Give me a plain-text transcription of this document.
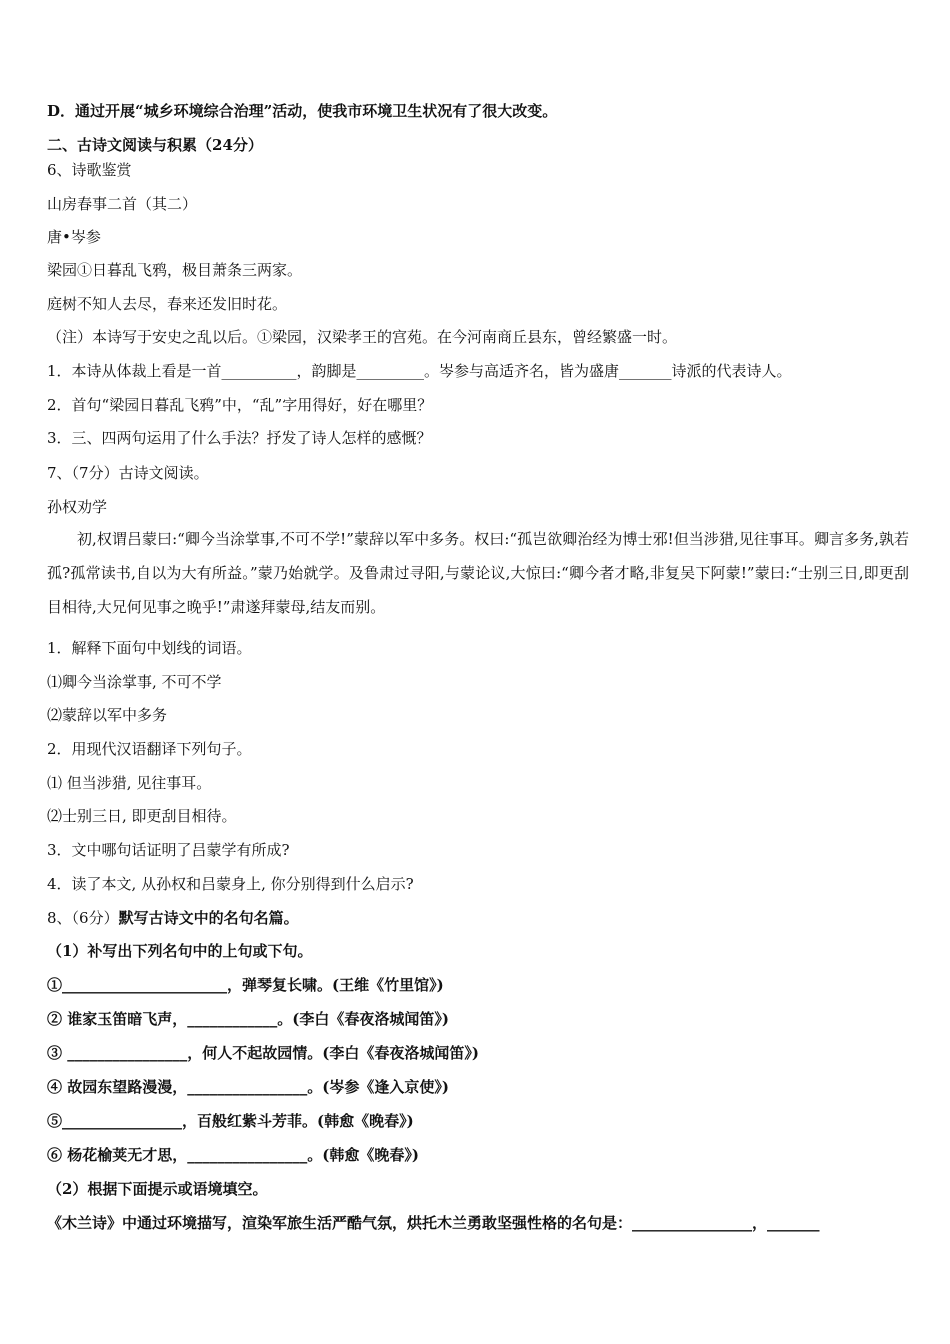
D．通过开展“城乡环境综合治理”活动，使我市环境卫生状况有了很大改变。
二、古诗文阅读与积累（24分）
6、诗歌鉴赏
山房春事二首（其二）
唐•岑参
梁园①日暮乱飞鸦，极目萧条三两家。
庭树不知人去尽，春来还发旧时花。
（注）本诗写于安史之乱以后。①梁园，汉梁孝王的宫苑。在今河南商丘县东，曾经繁盛一时。
1．本诗从体裁上看是一首__________，韵脚是_________。岑参与高适齐名，皆为盛唐_______诗派的代表诗人。
2．首句“梁园日暮乱飞鸦”中，“乱”字用得好，好在哪里？
3．三、四两句运用了什么手法？抒发了诗人怎样的感慨？
7、（7分）古诗文阅读。
孙权劝学
初,权谓吕蒙曰:“卿今当涂掌事,不可不学!”蒙辞以军中多务。权曰:“孤岂欲卿治经为博士邪!但当涉猎,见往事耳。卿言多务,孰若孤?孤常读书,自以为大有所益。”蒙乃始就学。及鲁肃过寻阳,与蒙论议,大惊曰:“卿今者才略,非复吴下阿蒙!”蒙曰:“士别三日,即更刮目相待,大兄何见事之晚乎!”肃遂拜蒙母,结友而别。
1．解释下面句中划线的词语。
⑴卿今当涂掌事, 不可不学
⑵蒙辞以军中多务
2．用现代汉语翻译下列句子。
⑴ 但当涉猎, 见往事耳。
⑵士别三日, 即更刮目相待。
3．文中哪句话证明了吕蒙学有所成?
4．读了本文, 从孙权和吕蒙身上, 你分别得到什么启示?
8、（6分）默写古诗文中的名句名篇。
（1）补写出下列名句中的上句或下句。
①______________________，弹琴复长啸。(王维《竹里馆》)
② 谁家玉笛暗飞声，____________。(李白《春夜洛城闻笛》)
③ ________________，何人不起故园情。(李白《春夜洛城闻笛》)
④ 故园东望路漫漫，________________。(岑参《逢入京使》)
⑤________________，百般红紫斗芳菲。(韩愈《晚春》)
⑥ 杨花榆荚无才思，________________。(韩愈《晚春》)
（2）根据下面提示或语境填空。
《木兰诗》中通过环境描写，渲染军旅生活严酷气氛，烘托木兰勇敢坚强性格的名句是：________________，_______
